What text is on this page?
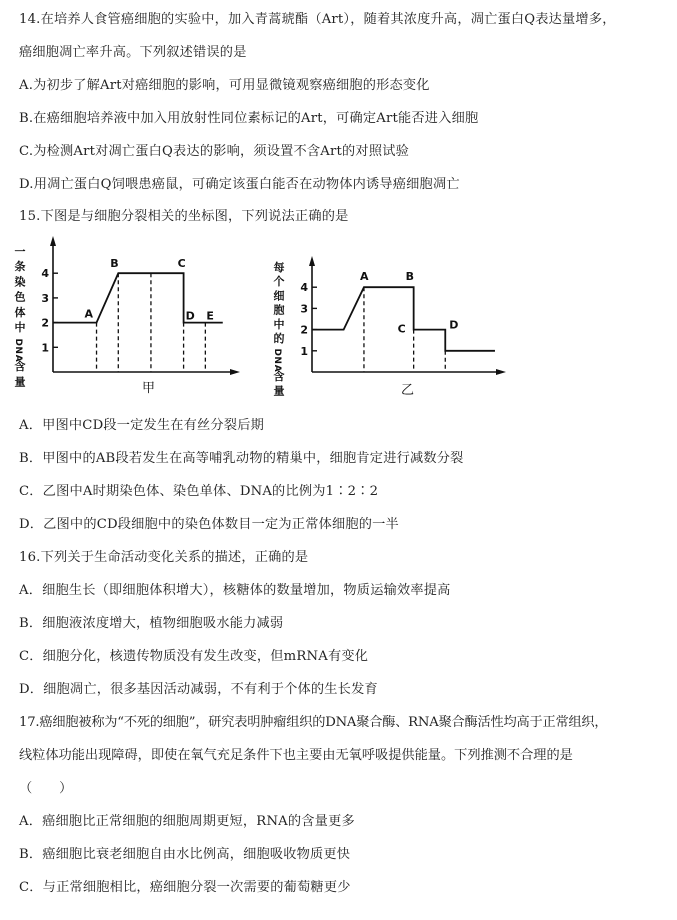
14.在培养人食管癌细胞的实验中，加入青蒿琥酯（Art），随着其浓度升高，凋亡蛋白Q表达量增多，
癌细胞凋亡率升高。下列叙述错误的是
A.为初步了解Art对癌细胞的影响，可用显微镜观察癌细胞的形态变化
B.在癌细胞培养液中加入用放射性同位素标记的Art，可确定Art能否进入细胞
C.为检测Art对凋亡蛋白Q表达的影响，须设置不含Art的对照试验
D.用凋亡蛋白Q饲喂患癌鼠，可确定该蛋白能否在动物体内诱导癌细胞凋亡
15.下图是与细胞分裂相关的坐标图，下列说法正确的是
一
条
染
色
体
中
D
N
A
含
量
1
2
3
4
A
B	C
D E
甲
每
个
细
胞
中
的
D
N
A
含
量
1
2
3
4
A	B
C	D
乙
A．甲图中CD段一定发生在有丝分裂后期
B．甲图中的AB段若发生在高等哺乳动物的精巢中，细胞肯定进行减数分裂
C．乙图中A时期染色体、染色单体、DNA的比例为1∶2∶2
D．乙图中的CD段细胞中的染色体数目一定为正常体细胞的一半
16.下列关于生命活动变化关系的描述，正确的是
A．细胞生长（即细胞体积增大），核糖体的数量增加，物质运输效率提高
B．细胞液浓度增大，植物细胞吸水能力减弱
C．细胞分化，核遗传物质没有发生改变，但mRNA有变化
D．细胞凋亡，很多基因活动减弱，不有利于个体的生长发育
17.癌细胞被称为“不死的细胞”，研究表明肿瘤组织的DNA聚合酶、RNA聚合酶活性均高于正常组织，
线粒体功能出现障碍，即使在氧气充足条件下也主要由无氧呼吸提供能量。下列推测不合理的是
（　　）
A．癌细胞比正常细胞的细胞周期更短，RNA的含量更多
B．癌细胞比衰老细胞自由水比例高，细胞吸收物质更快
C．与正常细胞相比，癌细胞分裂一次需要的葡萄糖更少
